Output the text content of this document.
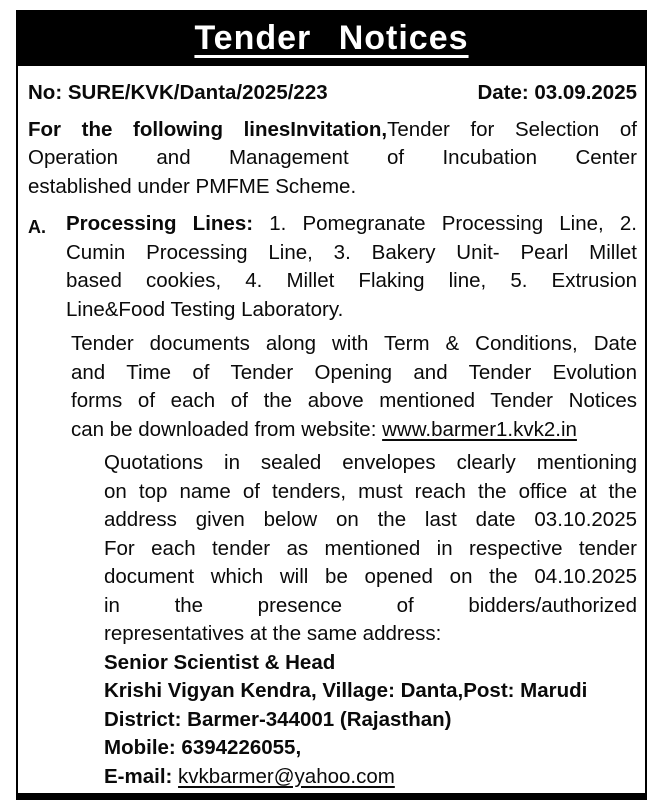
Tender Notices
No: SURE/KVK/Danta/2025/223	Date: 03.09.2025
For the following linesInvitation,Tender for Selection of
Operation and Management of Incubation Center
established under PMFME Scheme.
A. Processing Lines: 1. Pomegranate Processing Line, 2.
Cumin Processing Line, 3. Bakery Unit- Pearl Millet
based cookies, 4. Millet Flaking line, 5. Extrusion
Line&Food Testing Laboratory.
Tender documents along with Term & Conditions, Date
and Time of Tender Opening and Tender Evolution
forms of each of the above mentioned Tender Notices
can be downloaded from website: www.barmer1.kvk2.in
Quotations in sealed envelopes clearly mentioning
on top name of tenders, must reach the office at the
address given below on the last date 03.10.2025
For each tender as mentioned in respective tender
document which will be opened on the 04.10.2025
in the presence of bidders/authorized
representatives at the same address:
Senior Scientist & Head
Krishi Vigyan Kendra, Village: Danta,Post: Marudi
District: Barmer-344001 (Rajasthan)
Mobile: 6394226055,
E-mail: kvkbarmer@yahoo.com
